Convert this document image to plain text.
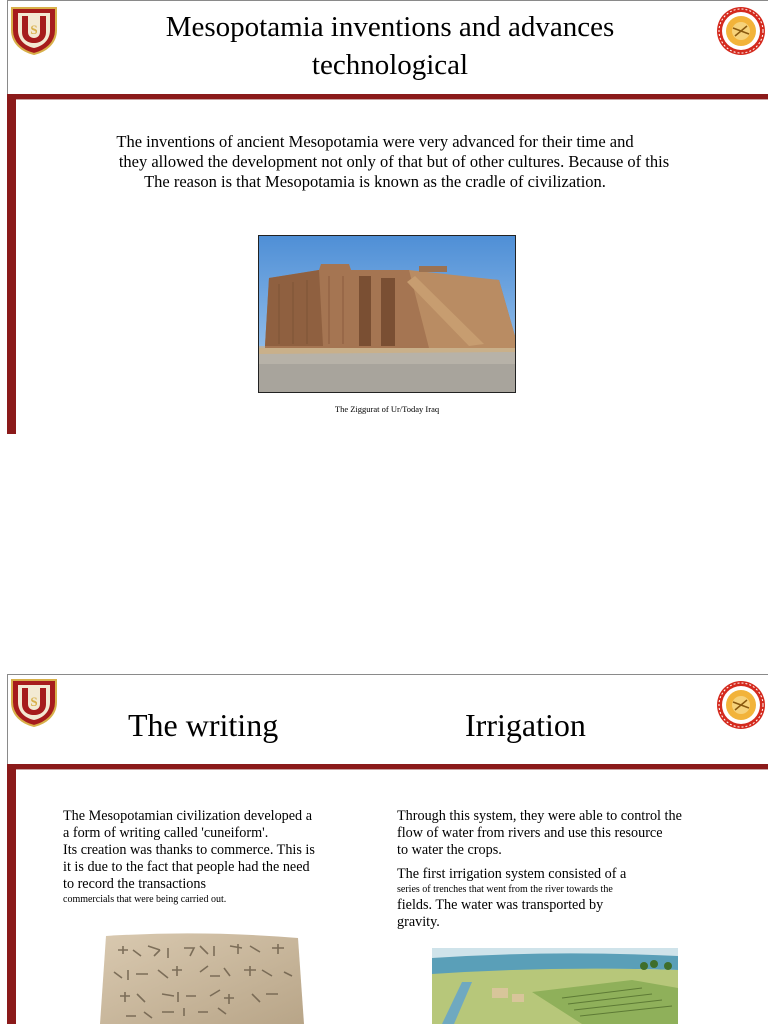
S	Mesopotamia inventions and advances
technological
The inventions of ancient Mesopotamia were very advanced for their time and
they allowed the development not only of that but of other cultures. Because of this
The reason is that Mesopotamia is known as the cradle of civilization.
The Ziggurat of Ur/Today Iraq
S
The writing	Irrigation
The Mesopotamian civilization developed a
a form of writing called 'cuneiform'.
Its creation was thanks to commerce. This is
it is due to the fact that people had the need
to record the transactions
commercials that were being carried out.
Through this system, they were able to control the
flow of water from rivers and use this resource
to water the crops.
The first irrigation system consisted of a
series of trenches that went from the river towards the
fields. The water was transported by
gravity.
